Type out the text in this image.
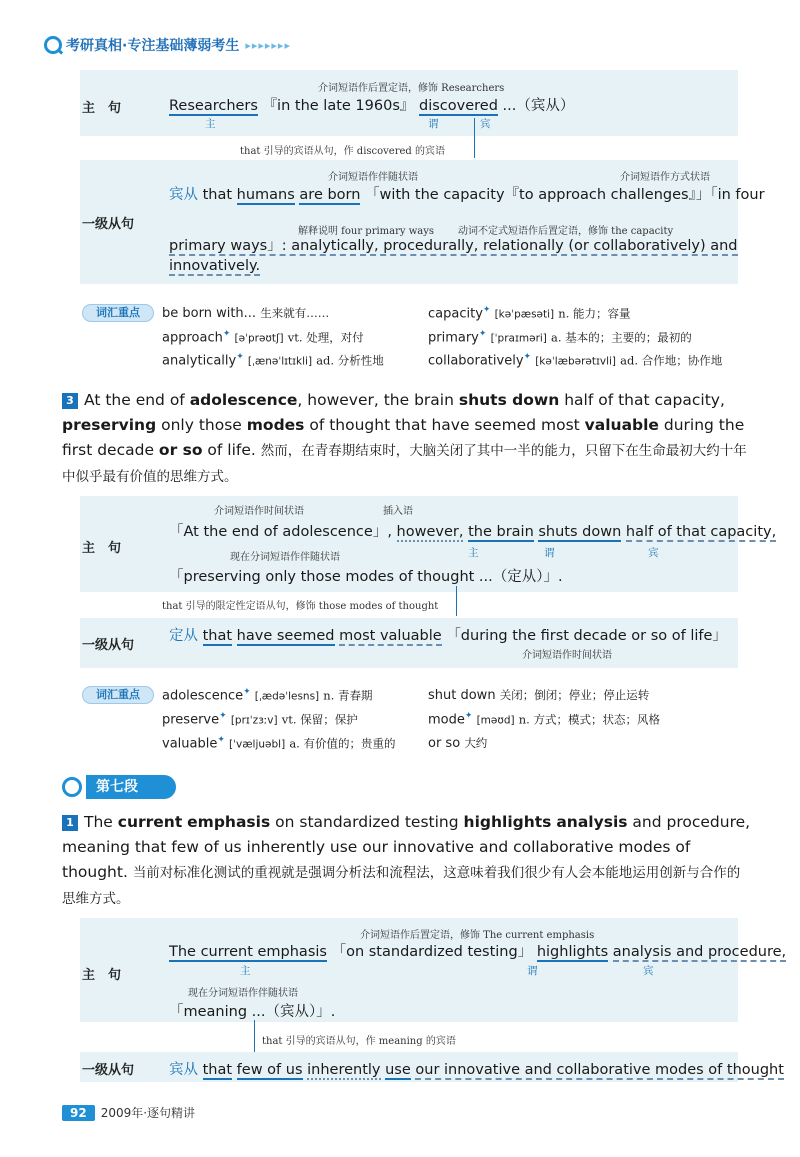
考研真相·专注基础薄弱考生 ▸▸▸▸▸▸▸
主　句
介词短语作后置定语，修饰 Researchers
Researchers 『in the late 1960s』 discovered ...（宾从）
主	谓	宾
that 引导的宾语从句，作 discovered 的宾语
一级从句
介词短语作伴随状语	介词短语作方式状语
宾从 that humans are born 「with the capacity『to approach challenges』」「in four
解释说明 four primary ways 动词不定式短语作后置定语，修饰 the capacity
primary ways」: analytically, procedurally, relationally (or collaboratively) and
innovatively.
词汇重点	be born with... 生来就有……	capacity✦ [kəˈpæsəti] n. 能力；容量
approach✦ [əˈprəʊtʃ] vt. 处理，对付	primary✦ [ˈpraɪməri] a. 基本的；主要的；最初的
analytically✦ [ˌænəˈlɪtɪkli] ad. 分析性地	collaboratively✦ [kəˈlæbərətɪvli] ad. 合作地；协作地
3 At the end of adolescence, however, the brain shuts down half of that capacity, preserving only those modes of thought that have seemed most valuable during the first decade or so of life. 然而，在青春期结束时，大脑关闭了其中一半的能力，只留下在生命最初大约十年中似乎最有价值的思维方式。
主　句
介词短语作时间状语	插入语
「At the end of adolescence」, however, the brain shuts down half of that capacity,
现在分词短语作伴随状语	主	谓	宾
「preserving only those modes of thought ...（定从）」.
that 引导的限定性定语从句，修饰 those modes of thought
一级从句
定从 that have seemed most valuable 「during the first decade or so of life」
介词短语作时间状语
词汇重点	adolescence✦ [ˌædəˈlesns] n. 青春期	shut down 关闭；倒闭；停业；停止运转
preserve✦ [prɪˈzɜːv] vt. 保留；保护	mode✦ [məʊd] n. 方式；模式；状态；风格
valuable✦ [ˈvæljuəbl] a. 有价值的；贵重的	or so 大约
第七段
1 The current emphasis on standardized testing highlights analysis and procedure, meaning that few of us inherently use our innovative and collaborative modes of thought. 当前对标准化测试的重视就是强调分析法和流程法，这意味着我们很少有人会本能地运用创新与合作的思维方式。
主　句
介词短语作后置定语，修饰 The current emphasis
The current emphasis 「on standardized testing」 highlights analysis and procedure,
主	谓	宾
现在分词短语作伴随状语
「meaning ...（宾从）」.
that 引导的宾语从句，作 meaning 的宾语
一级从句 宾从 that few of us inherently use our innovative and collaborative modes of thought
92	2009年·逐句精讲
